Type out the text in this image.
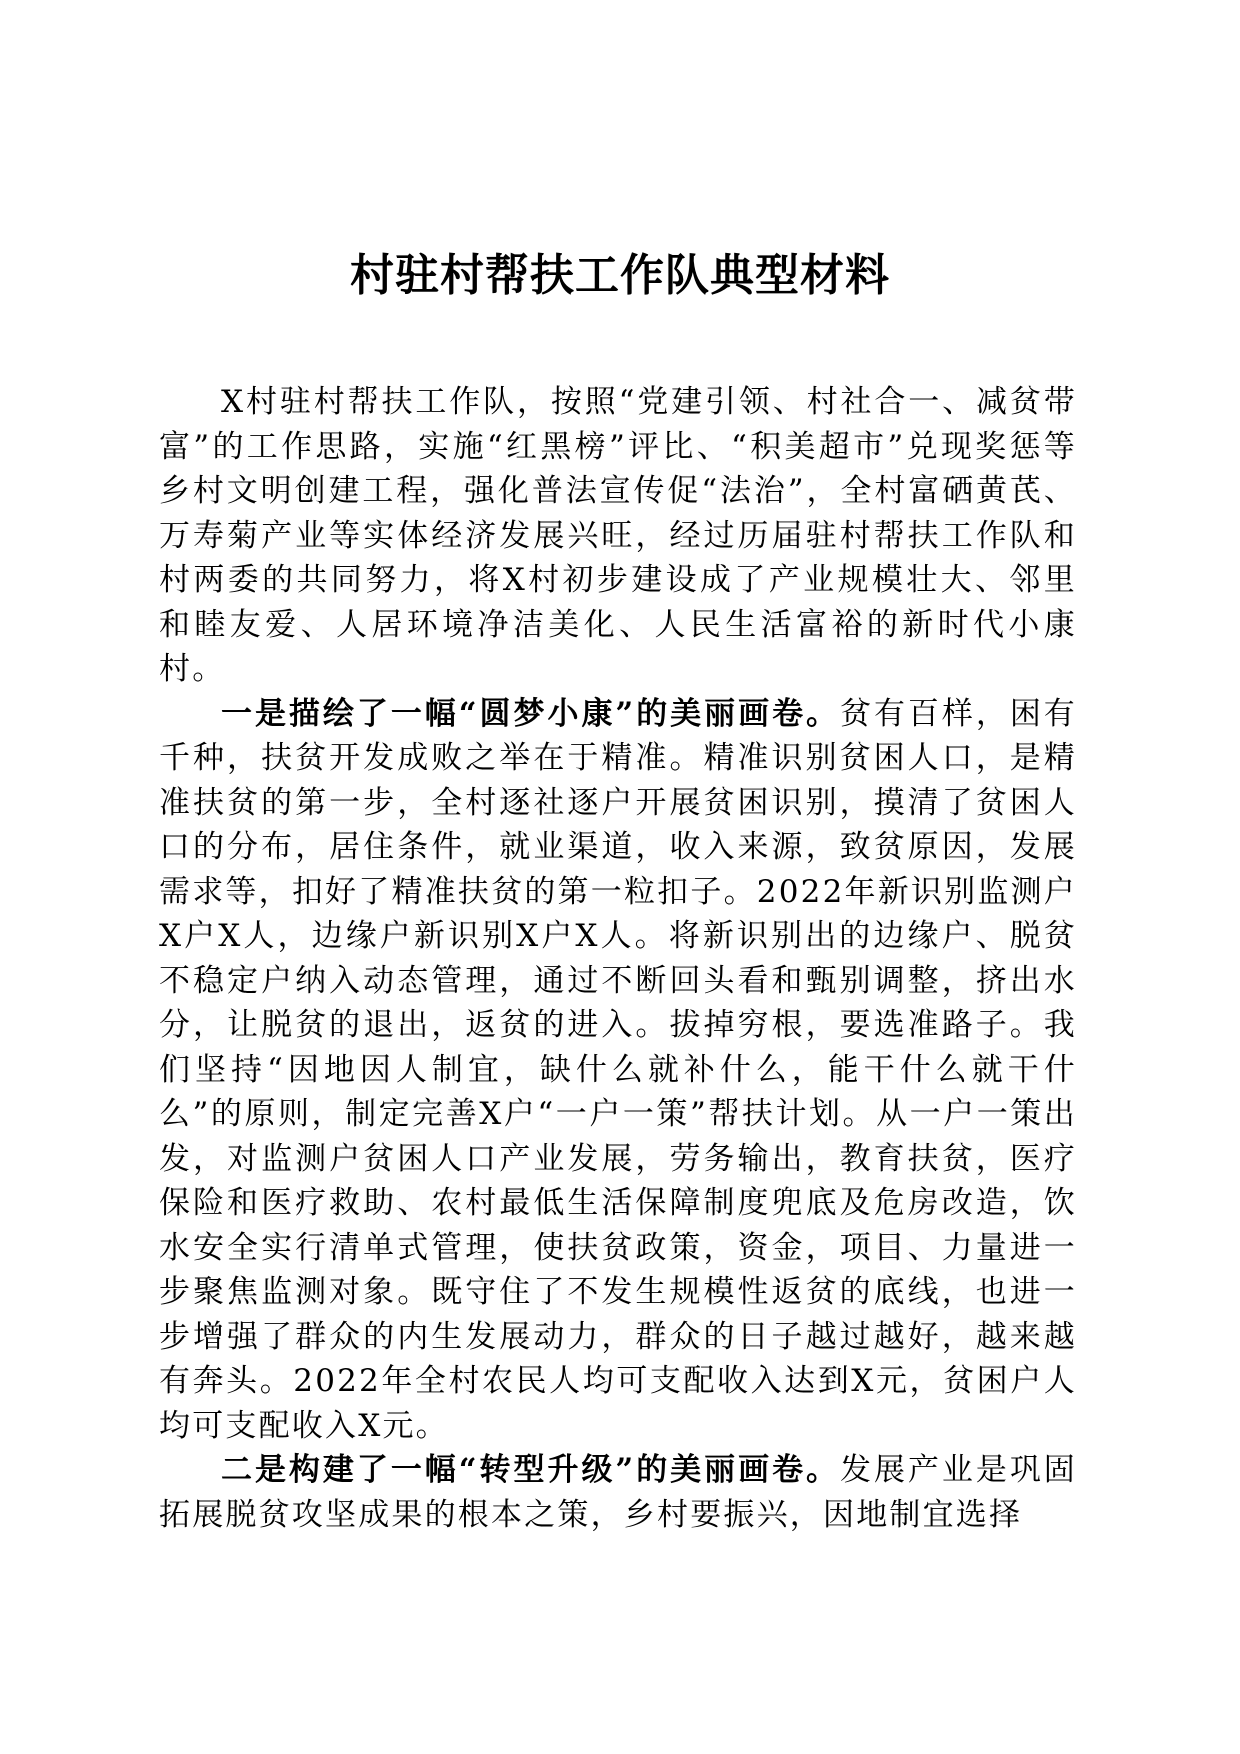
村驻村帮扶工作队典型材料

X村驻村帮扶工作队，按照“党建引领、村社合一、减贫带富”的工作思路，实施“红黑榜”评比、“积美超市”兑现奖惩等乡村文明创建工程，强化普法宣传促“法治”，全村富硒黄芪、万寿菊产业等实体经济发展兴旺，经过历届驻村帮扶工作队和村两委的共同努力，将X村初步建设成了产业规模壮大、邻里和睦友爱、人居环境净洁美化、人民生活富裕的新时代小康村。

一是描绘了一幅“圆梦小康”的美丽画卷。贫有百样，困有千种，扶贫开发成败之举在于精准。精准识别贫困人口，是精准扶贫的第一步，全村逐社逐户开展贫困识别，摸清了贫困人口的分布，居住条件，就业渠道，收入来源，致贫原因，发展需求等，扣好了精准扶贫的第一粒扣子。2022年新识别监测户X户X人，边缘户新识别X户X人。将新识别出的边缘户、脱贫不稳定户纳入动态管理，通过不断回头看和甄别调整，挤出水分，让脱贫的退出，返贫的进入。拔掉穷根，要选准路子。我们坚持“因地因人制宜，缺什么就补什么，能干什么就干什么”的原则，制定完善X户“一户一策”帮扶计划。从一户一策出发，对监测户贫困人口产业发展，劳务输出，教育扶贫，医疗保险和医疗救助、农村最低生活保障制度兜底及危房改造，饮水安全实行清单式管理，使扶贫政策，资金，项目、力量进一步聚焦监测对象。既守住了不发生规模性返贫的底线，也进一步增强了群众的内生发展动力，群众的日子越过越好，越来越有奔头。2022年全村农民人均可支配收入达到X元，贫困户人均可支配收入X元。

二是构建了一幅“转型升级”的美丽画卷。发展产业是巩固拓展脱贫攻坚成果的根本之策，乡村要振兴，因地制宜选择
